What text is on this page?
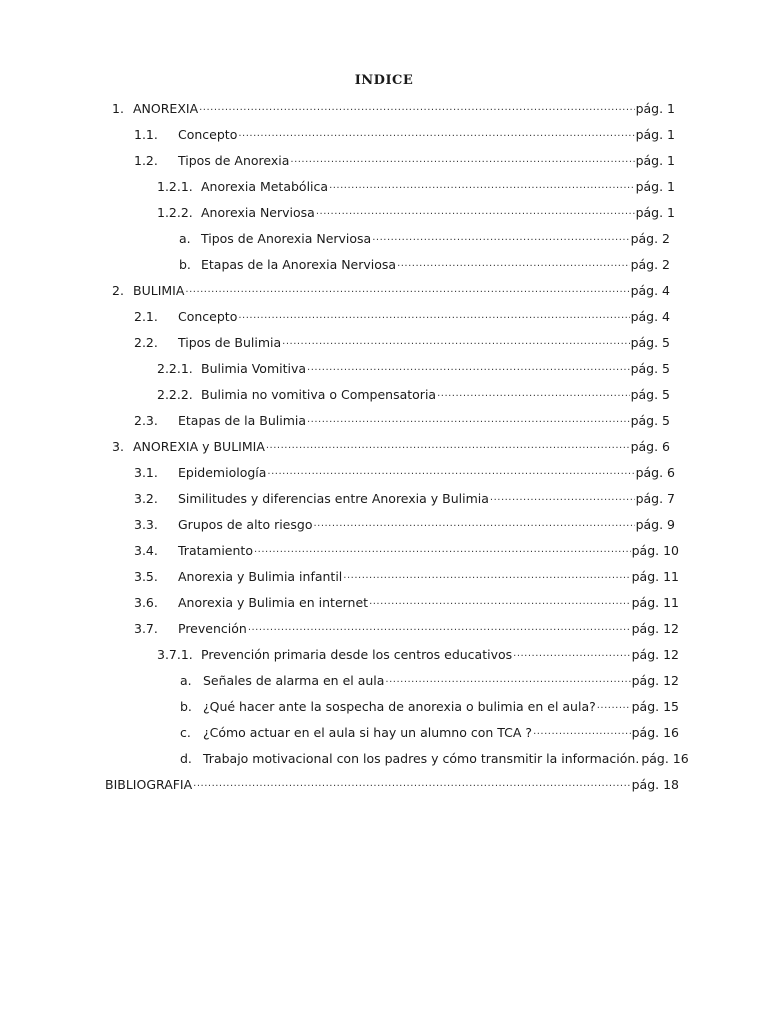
INDICE
1. ANOREXIA .....	pág. 1
1.1.	Concepto .....	pág. 1
1.2.	Tipos de Anorexia .....	pág. 1
1.2.1. Anorexia Metabólica .....	pág. 1
1.2.2. Anorexia Nerviosa .....	pág. 1
a. Tipos de Anorexia Nerviosa .....	pág. 2
b. Etapas de la Anorexia Nerviosa .....	pág. 2
2. BULIMIA .....	pág. 4
2.1.	Concepto .....	pág. 4
2.2.	Tipos de Bulimia .....	pág. 5
2.2.1. Bulimia Vomitiva .....	pág. 5
2.2.2. Bulimia no vomitiva o Compensatoria .....	pág. 5
2.3.	Etapas de la Bulimia .....	pág. 5
3. ANOREXIA y BULIMIA .....	pág. 6
3.1.	Epidemiología .....	pág. 6
3.2.	Similitudes y diferencias entre Anorexia y Bulimia .....	pág. 7
3.3.	Grupos de alto riesgo .....	pág. 9
3.4.	Tratamiento .....	pág. 10
3.5.	Anorexia y Bulimia infantil .....	pág. 11
3.6.	Anorexia y Bulimia en internet .....	pág. 11
3.7.	Prevención .....	pág. 12
3.7.1. Prevención primaria desde los centros educativos .....	pág. 12
a. Señales de alarma en el aula .....	pág. 12
b. ¿Qué hacer ante la sospecha de anorexia o bulimia en el aula? .....	pág. 15
c. ¿Cómo actuar en el aula si hay un alumno con TCA ? .....	pág. 16
d. Trabajo motivacional con los padres y cómo transmitir la información. pág. 16
BIBLIOGRAFIA .....	pág. 18
